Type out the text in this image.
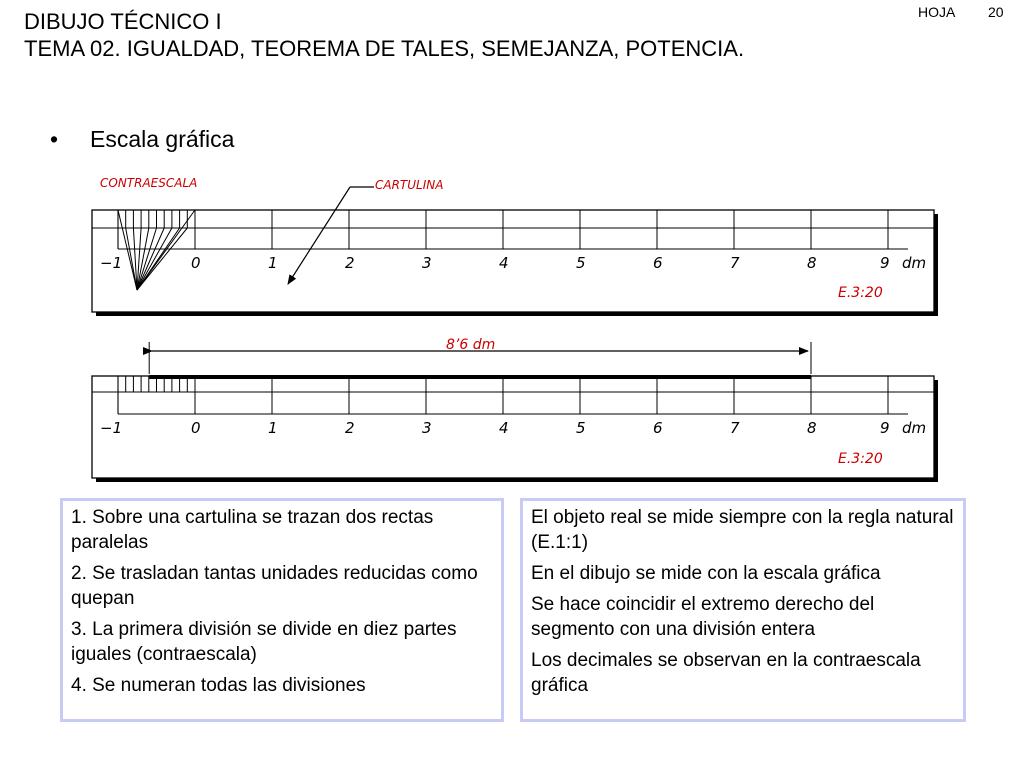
DIBUJO TÉCNICO I
TEMA 02. IGUALDAD, TEOREMA DE TALES, SEMEJANZA, POTENCIA.
HOJA 20
•	Escala gráfica
−1	0	1	2	3	4	5	6	7	8	9 dm
E.3:20
CONTRAESCALA	CARTULINA
−1	0	1	2	3	4	5	6	7	8	9 dm
E.3:20
8’6 dm

1. Sobre una cartulina se trazan dos rectas paralelas

2. Se trasladan tantas unidades reducidas como quepan

3. La primera división se divide en diez partes iguales (contraescala)

4. Se numeran todas las divisiones

El objeto real se mide siempre con la regla natural (E.1:1)

En el dibujo se mide con la escala gráfica

Se hace coincidir el extremo derecho del segmento con una división entera

Los decimales se observan en la contraescala gráfica
